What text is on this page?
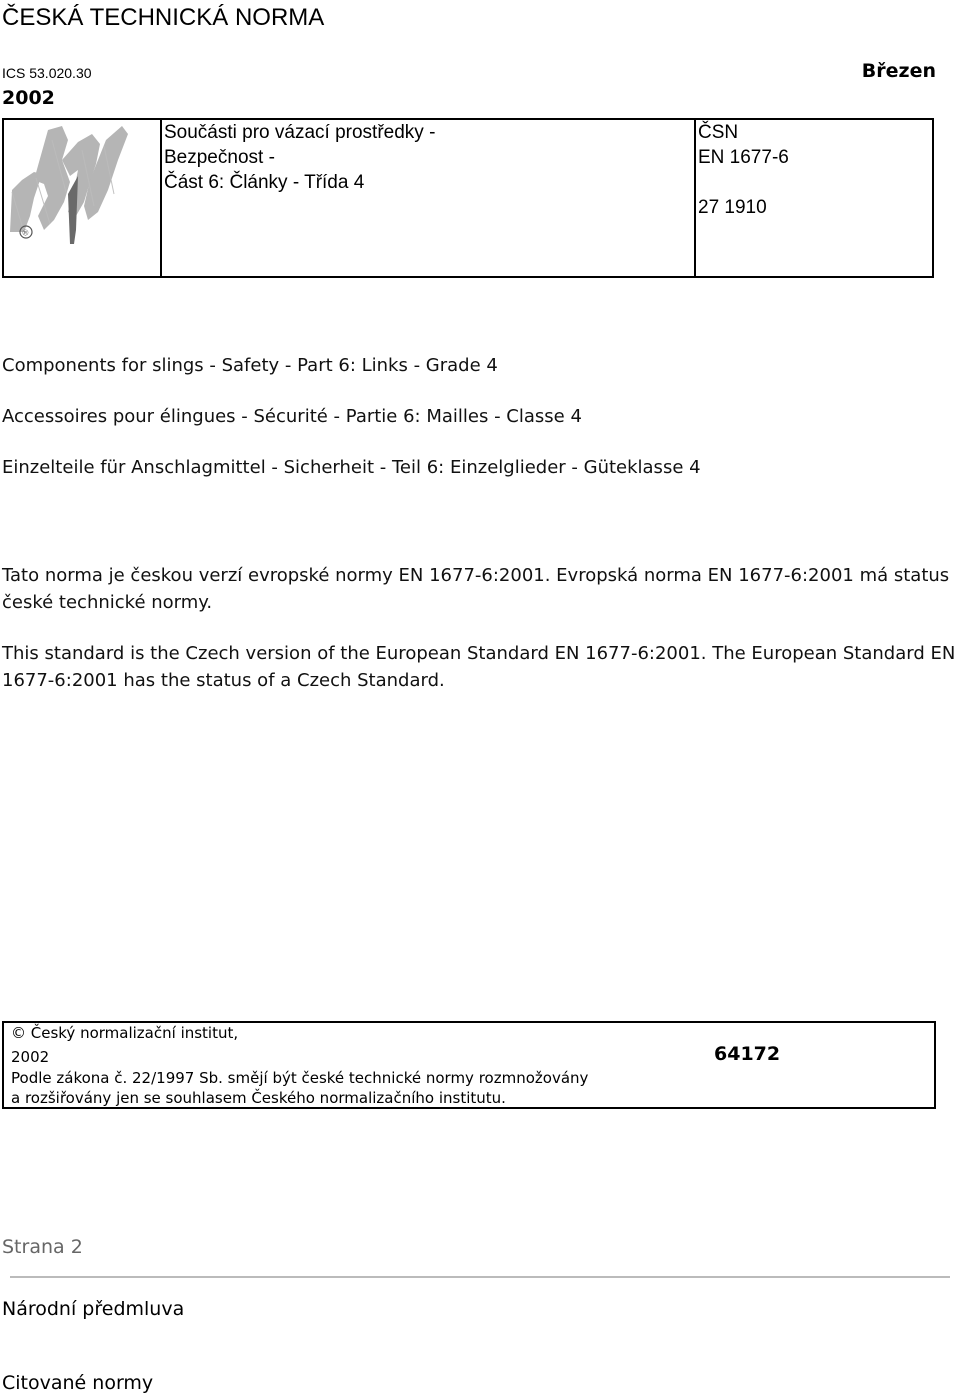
ČESKÁ TECHNICKÁ NORMA
ICS 53.020.30	Březen
2002
®
Součásti pro vázací prostředky -
Bezpečnost -
Část 6: Články - Třída 4
ČSN
EN 1677-6
27 1910
Components for slings - Safety - Part 6: Links - Grade 4
Accessoires pour élingues - Sécurité - Partie 6: Mailles - Classe 4
Einzelteile für Anschlagmittel - Sicherheit - Teil 6: Einzelglieder - Güteklasse 4
Tato norma je českou verzí evropské normy EN 1677-6:2001. Evropská norma EN 1677-6:2001 má status české technické normy.
This standard is the Czech version of the European Standard EN 1677-6:2001. The European Standard EN 1677-6:2001 has the status of a Czech Standard.
© Český normalizační institut,
2002
Podle zákona č. 22/1997 Sb. smějí být české technické normy rozmnožovány
a rozšiřovány jen se souhlasem Českého normalizačního institutu.
64172
Strana 2
Národní předmluva
Citované normy
